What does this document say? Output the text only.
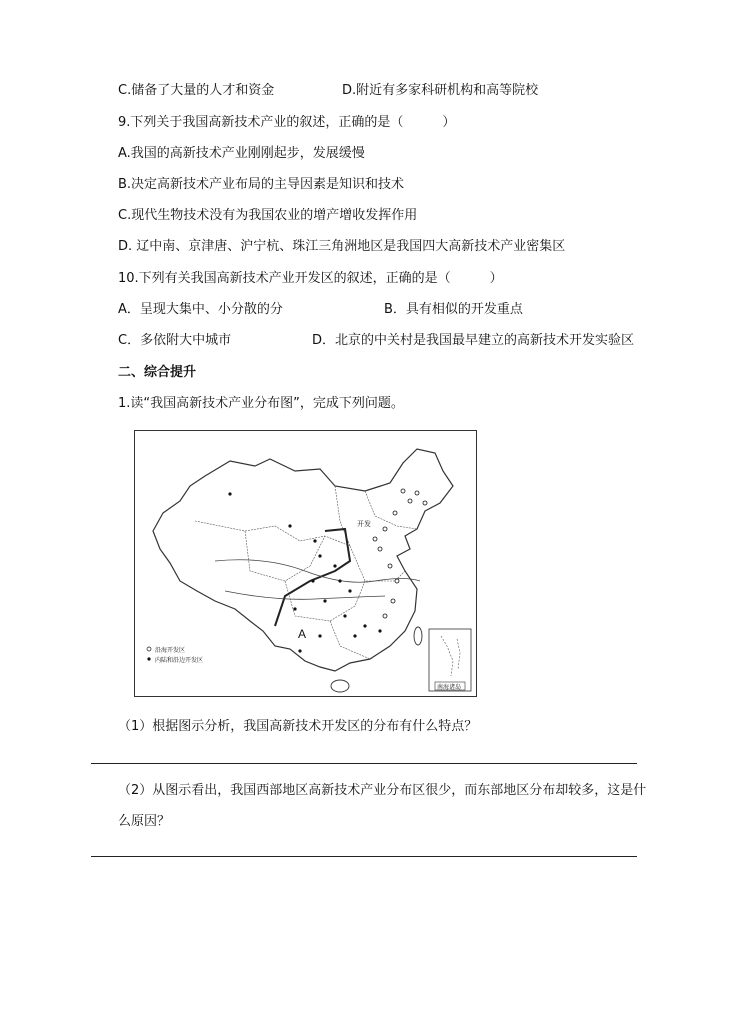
C.储备了大量的人才和资金	D.附近有多家科研机构和高等院校
9.下列关于我国高新技术产业的叙述，正确的是（　　　）
A.我国的高新技术产业刚刚起步，发展缓慢
B.决定高新技术产业布局的主导因素是知识和技术
C.现代生物技术没有为我国农业的增产增收发挥作用
D. 辽中南、京津唐、沪宁杭、珠江三角洲地区是我国四大高新技术产业密集区
10.下列有关我国高新技术产业开发区的叙述，正确的是（　　　）
A．呈现大集中、小分散的分	B．具有相似的开发重点
C．多依附大中城市	D．北京的中关村是我国最早建立的高新技术开发实验区
二、综合提升
1.读“我国高新技术产业分布图”，完成下列问题。
A
开发
沿海开发区
内陆和沿边开发区
南海诸岛
（1）根据图示分析，我国高新技术开发区的分布有什么特点？
（2）从图示看出，我国西部地区高新技术产业分布区很少，而东部地区分布却较多，这是什
么原因？
